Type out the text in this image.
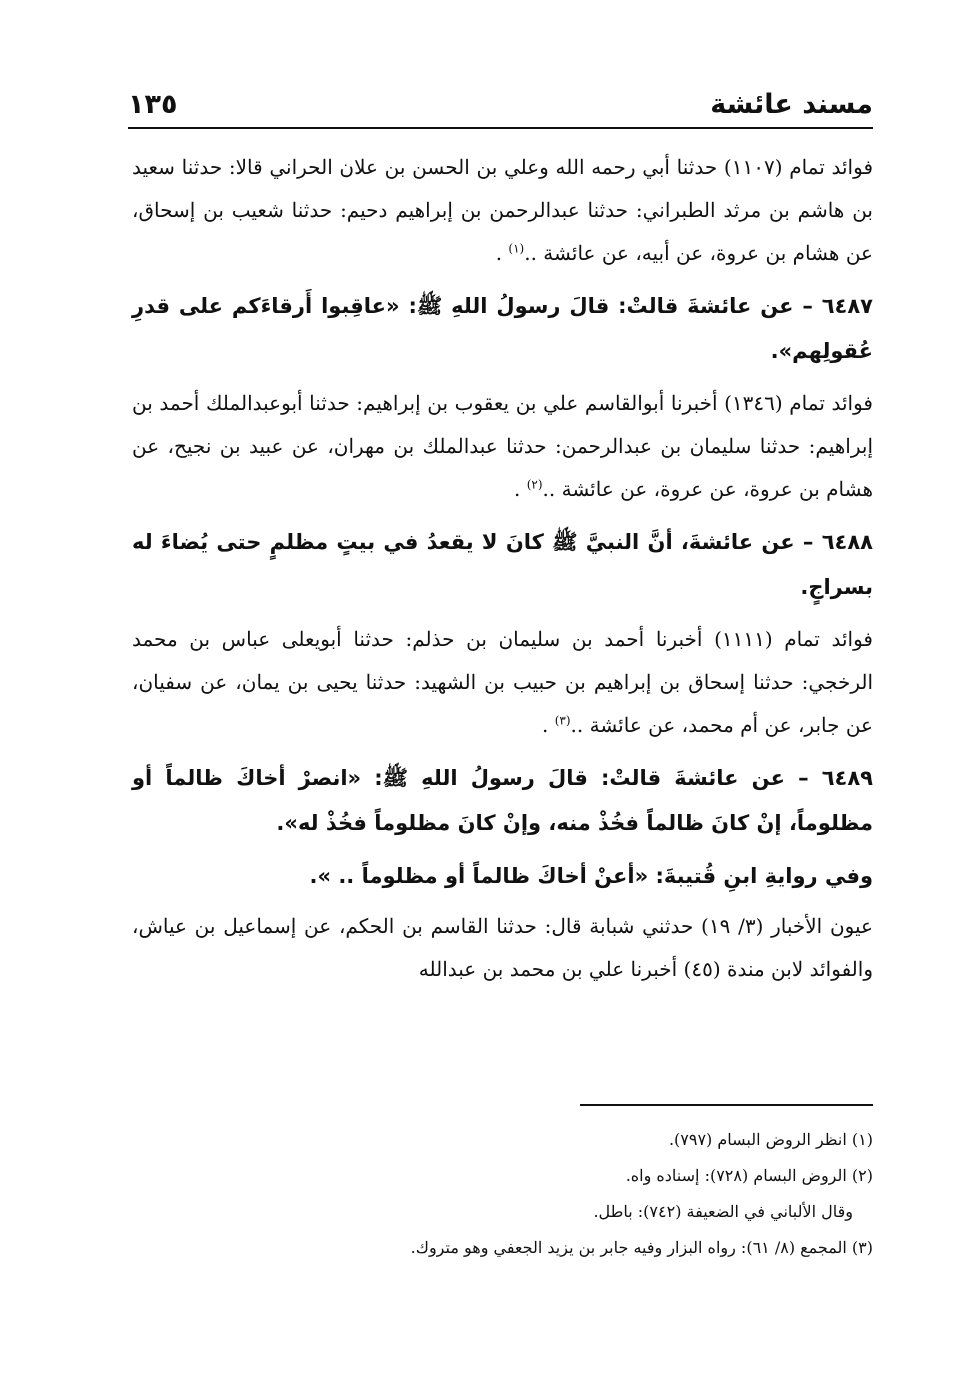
مسند عائشة
١٣٥

فوائد تمام (١١٠٧) حدثنا أبي رحمه الله وعلي بن الحسن بن علان الحراني قالا: حدثنا سعيد بن هاشم بن مرثد الطبراني: حدثنا عبدالرحمن بن إبراهيم دحيم: حدثنا شعيب بن إسحاق، عن هشام بن عروة، عن أبيه، عن عائشة ..$^{(١)}$ .

٦٤٨٧ – عن عائشةَ قالتْ: قالَ رسولُ اللهِ ﷺ: «عاقِبوا أَرقاءَكم على قدرِ عُقولِهم».

فوائد تمام (١٣٤٦) أخبرنا أبوالقاسم علي بن يعقوب بن إبراهيم: حدثنا أبوعبدالملك أحمد بن إبراهيم: حدثنا سليمان بن عبدالرحمن: حدثنا عبدالملك بن مهران، عن عبيد بن نجيح، عن هشام بن عروة، عن عروة، عن عائشة ..$^{(٢)}$ .

٦٤٨٨ – عن عائشةَ، أنَّ النبيَّ ﷺ كانَ لا يقعدُ في بيتٍ مظلمٍ حتى يُضاءَ له بسراجٍ.

فوائد تمام (١١١١) أخبرنا أحمد بن سليمان بن حذلم: حدثنا أبويعلى عباس بن محمد الرخجي: حدثنا إسحاق بن إبراهيم بن حبيب بن الشهيد: حدثنا يحيى بن يمان، عن سفيان، عن جابر، عن أم محمد، عن عائشة ..$^{(٣)}$ .

٦٤٨٩ – عن عائشةَ قالتْ: قالَ رسولُ اللهِ ﷺ: «انصرْ أخاكَ ظالماً أو مظلوماً، إنْ كانَ ظالماً فخُذْ منه، وإنْ كانَ مظلوماً فخُذْ له».

وفي روايةِ ابنِ قُتيبةَ: «أعنْ أخاكَ ظالماً أو مظلوماً .. ».

عيون الأخبار (٣/ ١٩) حدثني شبابة قال: حدثنا القاسم بن الحكم، عن إسماعيل بن عياش، والفوائد لابن مندة (٤٥) أخبرنا علي بن محمد بن عبدالله

(١) انظر الروض البسام (٧٩٧).

(٢) الروض البسام (٧٢٨): إسناده واه.

وقال الألباني في الضعيفة (٧٤٢): باطل.

(٣) المجمع (٨/ ٦١): رواه البزار وفيه جابر بن يزيد الجعفي وهو متروك.
